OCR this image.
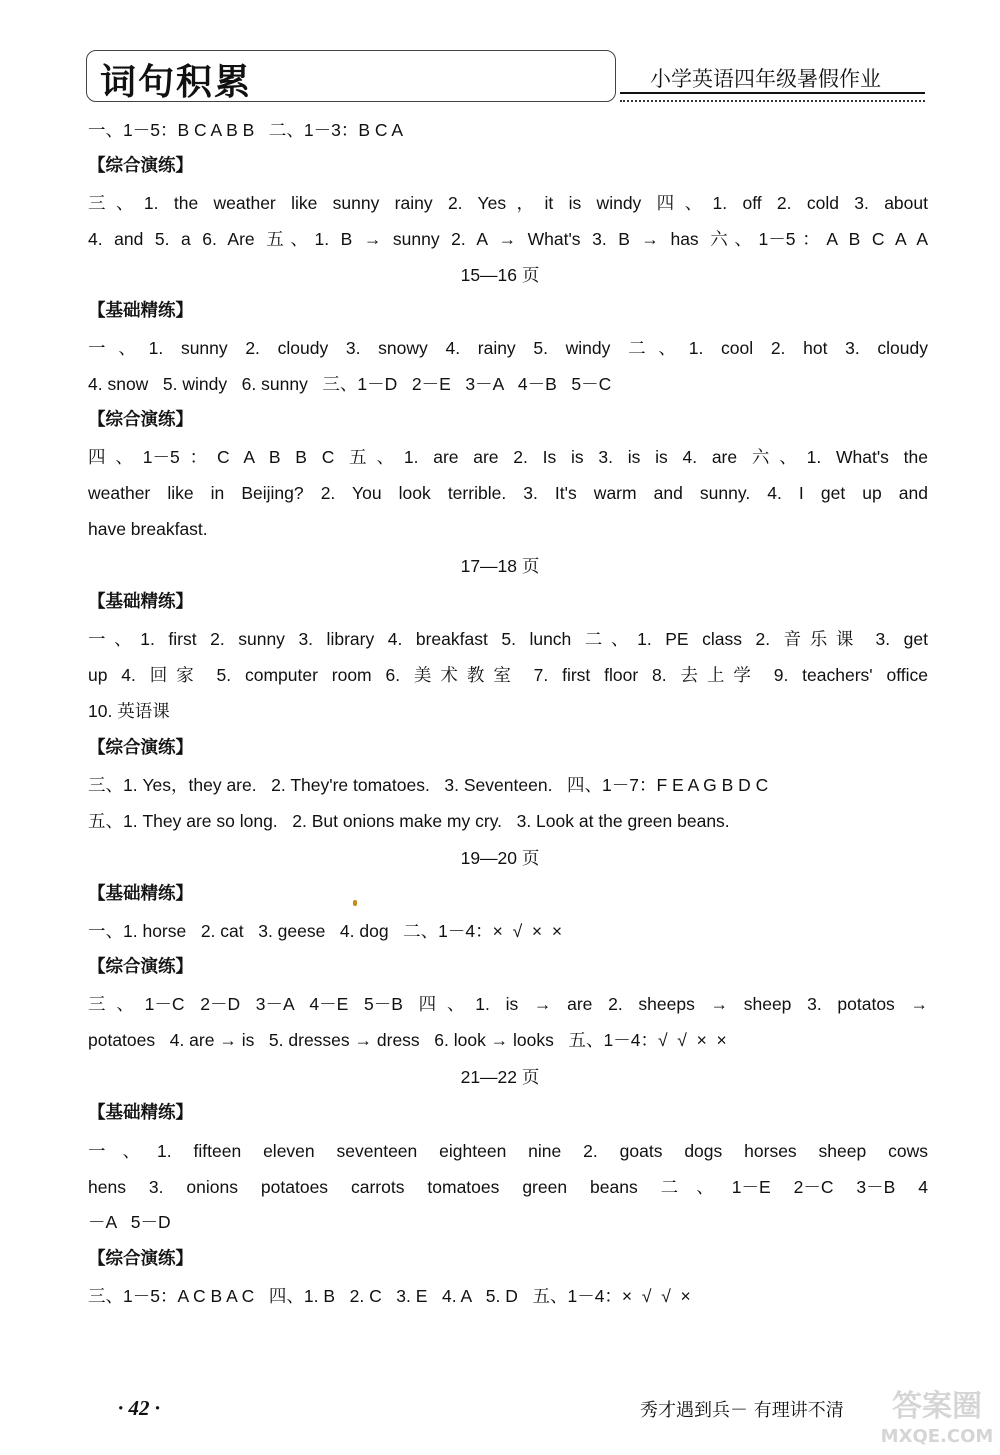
词句积累	小学英语四年级暑假作业
一、1－5：B C A B B   二、1－3：B C A
【综合演练】
三、1. the weather like sunny rainy 2. Yes，it is windy 四、1. off 2. cold 3. about
4. and 5. a 6. Are 五、1. B → sunny 2. A → What's 3. B → has 六、1－5：A B C A A
15—16 页
【基础精练】
一、1. sunny 2. cloudy 3. snowy 4. rainy 5. windy 二、1. cool 2. hot 3. cloudy
4. snow   5. windy   6. sunny   三、1－D   2－E   3－A   4－B   5－C
【综合演练】
四、1－5：C A B B C 五、1. are are 2. Is is 3. is is 4. are 六、1. What's the
weather like in Beijing? 2. You look terrible. 3. It's warm and sunny. 4. I get up and
have breakfast.
17—18 页
【基础精练】
一、1. first 2. sunny 3. library 4. breakfast 5. lunch 二、1. PE class 2. 音乐课 3. get
up 4. 回家 5. computer room 6. 美术教室 7. first floor 8. 去上学 9. teachers' office
10. 英语课
【综合演练】
三、1. Yes，they are.   2. They're tomatoes.   3. Seventeen.   四、1－7：F E A G B D C
五、1. They are so long.   2. But onions make my cry.   3. Look at the green beans.
19—20 页
【基础精练】
一、1. horse   2. cat   3. geese   4. dog   二、1－4：×  √  ×  ×
【综合演练】
三、1－C 2－D 3－A 4－E 5－B 四、1. is → are 2. sheeps → sheep 3. potatos →
potatoes   4. are → is   5. dresses → dress   6. look → looks   五、1－4：√  √  ×  ×
21—22 页
【基础精练】
一、1. fifteen eleven seventeen eighteen nine 2. goats dogs horses sheep cows
hens 3. onions potatoes carrots tomatoes green beans 二、1－E 2－C 3－B 4
－A   5－D
【综合演练】
三、1－5：A C B A C   四、1. B   2. C   3. E   4. A   5. D   五、1－4：×  √  √  ×
· 42 ·	秀才遇到兵－ 有理讲不清 答案圈
MXQE.COM
